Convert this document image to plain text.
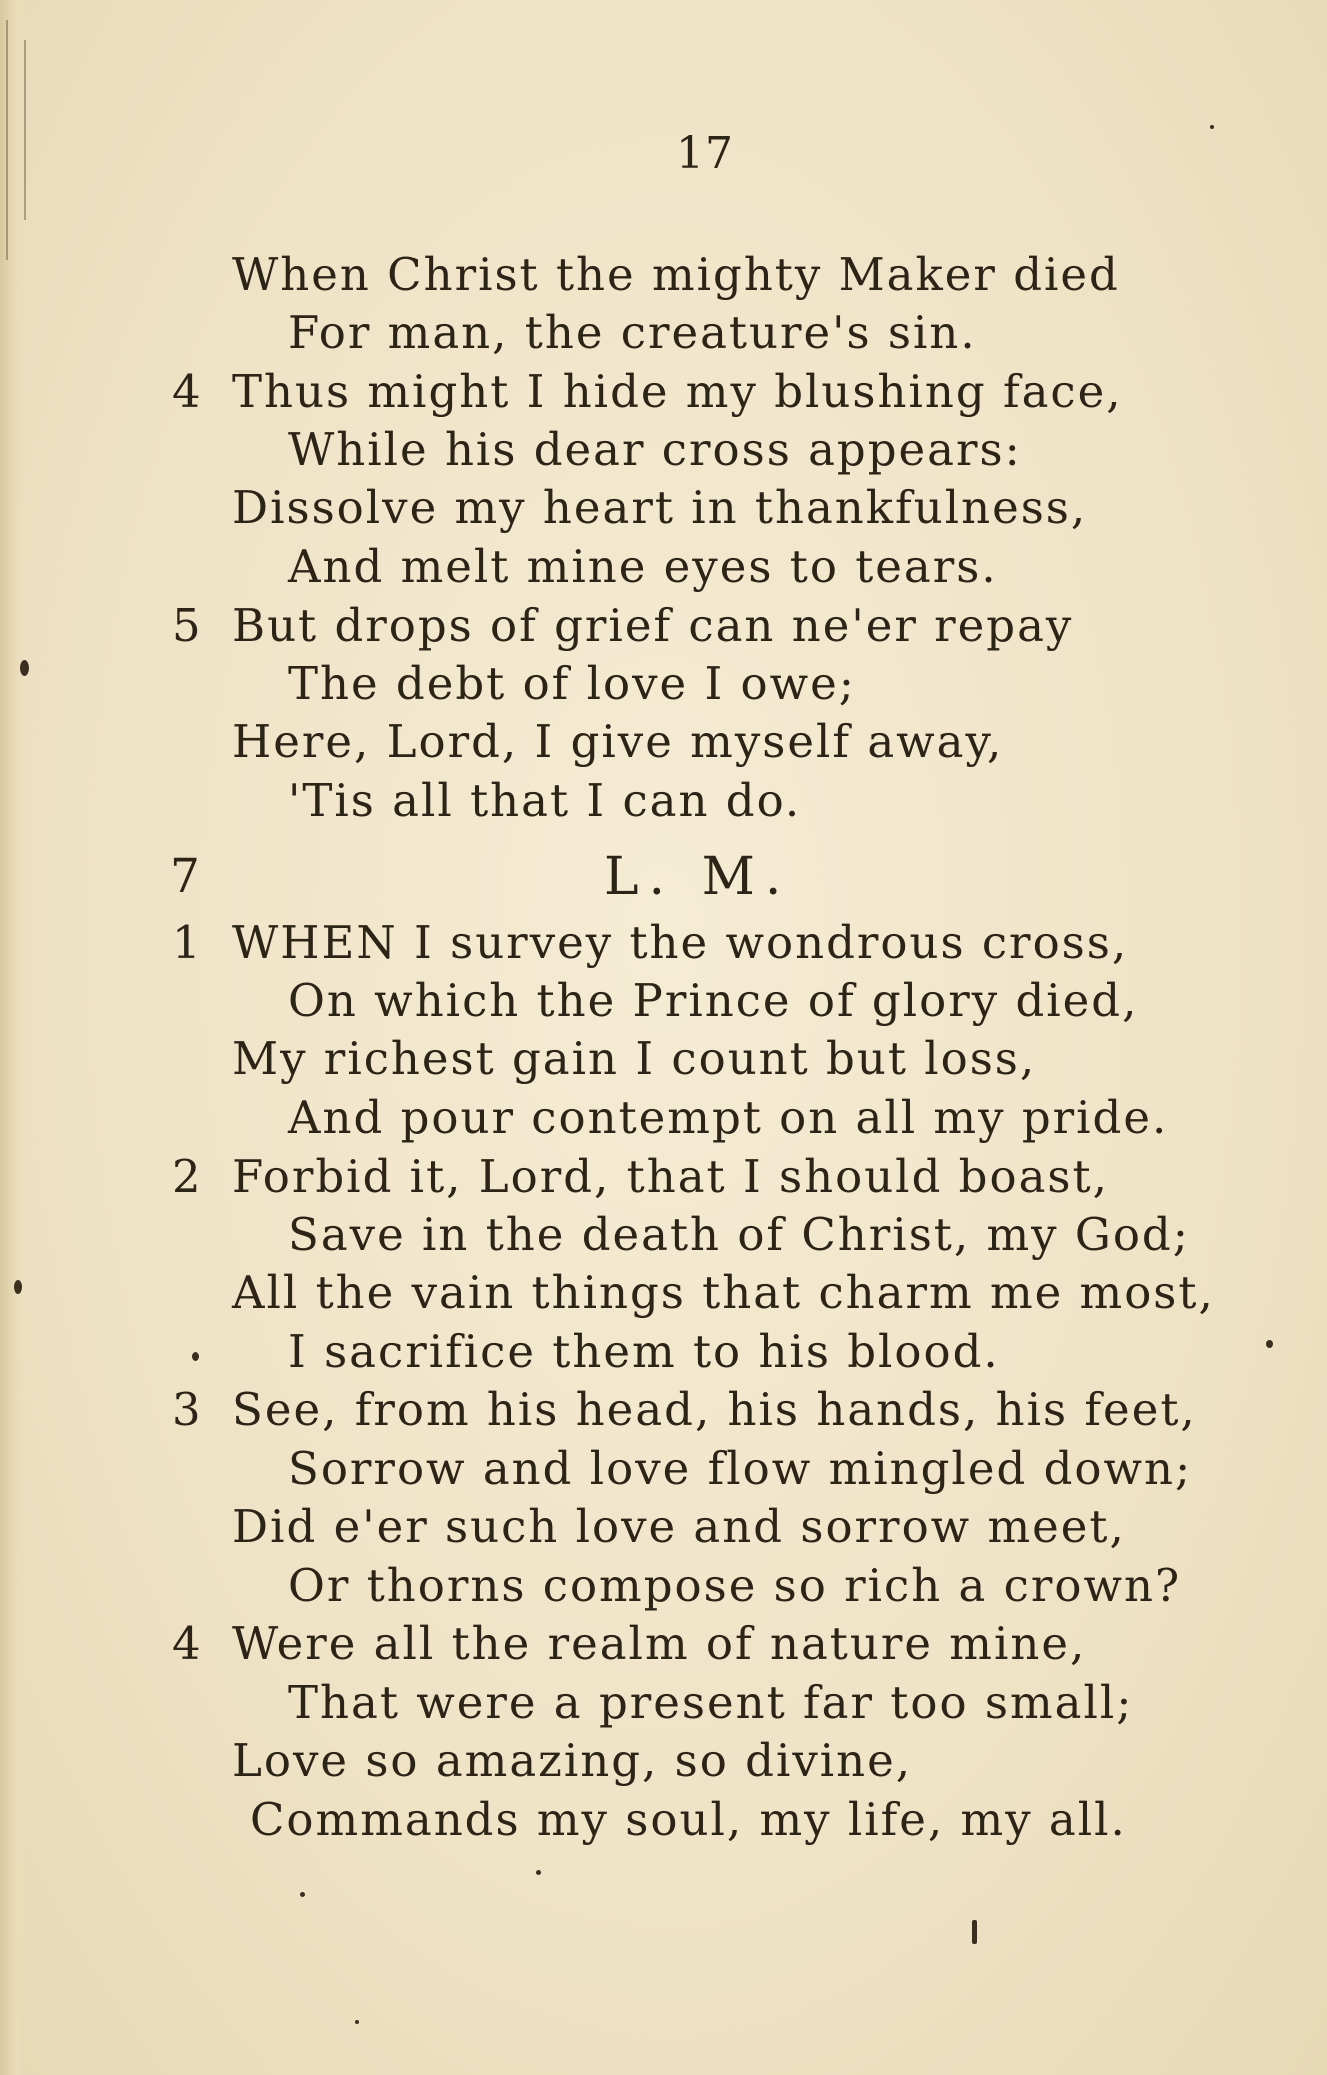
17
When Christ the mighty Maker died
For man, the creature's sin.
4 Thus might I hide my blushing face,
While his dear cross appears:
Dissolve my heart in thankfulness,
And melt mine eyes to tears.
5 But drops of grief can ne'er repay
The debt of love I owe;
Here, Lord, I give myself away,
'Tis all that I can do.
7	L. M.
1 WHEN I survey the wondrous cross,
On which the Prince of glory died,
My richest gain I count but loss,
And pour contempt on all my pride.
2 Forbid it, Lord, that I should boast,
Save in the death of Christ, my God;
All the vain things that charm me most,
I sacrifice them to his blood.
3 See, from his head, his hands, his feet,
Sorrow and love flow mingled down;
Did e'er such love and sorrow meet,
Or thorns compose so rich a crown?
4 Were all the realm of nature mine,
That were a present far too small;
Love so amazing, so divine,
Commands my soul, my life, my all.
